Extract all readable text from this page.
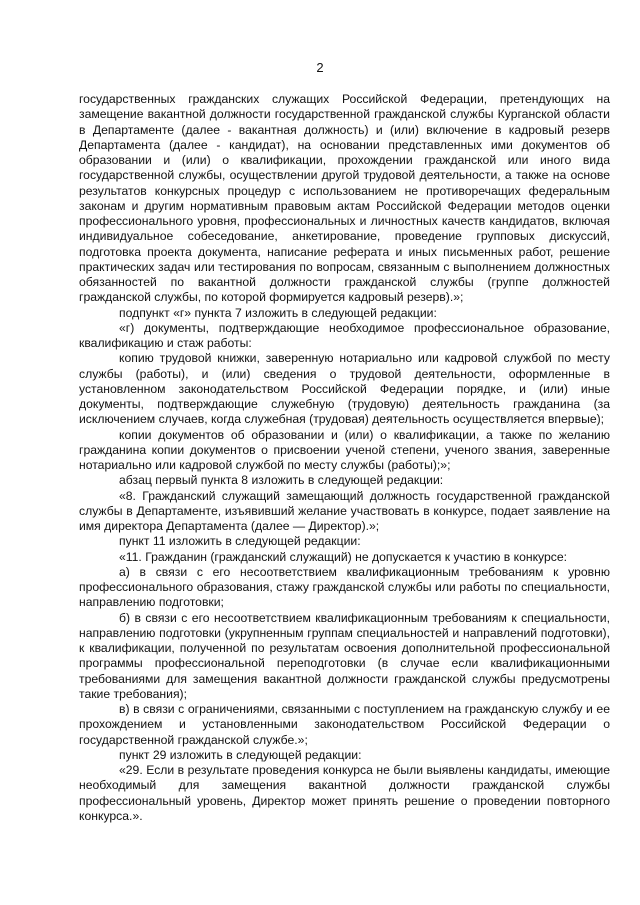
2

государственных гражданских служащих Российской Федерации, претендующих на замещение вакантной должности государственной гражданской службы Курганской области в Департаменте (далее - вакантная должность) и (или) включение в кадровый резерв Департамента (далее - кандидат), на основании представленных ими документов об образовании и (или) о квалификации, прохождении гражданской или иного вида государственной службы, осуществлении другой трудовой деятельности, а также на основе результатов конкурсных процедур с использованием не противоречащих федеральным законам и другим нормативным правовым актам Российской Федерации методов оценки профессионального уровня, профессиональных и личностных качеств кандидатов, включая индивидуальное собеседование, анкетирование, проведение групповых дискуссий, подготовка проекта документа, написание реферата и иных письменных работ, решение практических задач или тестирования по вопросам, связанным с выполнением должностных обязанностей по вакантной должности гражданской службы (группе должностей гражданской службы, по которой формируется кадровый резерв).»;

подпункт «г» пункта 7 изложить в следующей редакции:

«г) документы, подтверждающие необходимое профессиональное образование, квалификацию и стаж работы:

копию трудовой книжки, заверенную нотариально или кадровой службой по месту службы (работы), и (или) сведения о трудовой деятельности, оформленные в установленном законодательством Российской Федерации порядке, и (или) иные документы, подтверждающие служебную (трудовую) деятельность гражданина (за исключением случаев, когда служебная (трудовая) деятельность осуществляется впервые);

копии документов об образовании и (или) о квалификации, а также по желанию гражданина копии документов о присвоении ученой степени, ученого звания, заверенные нотариально или кадровой службой по месту службы (работы);»;

абзац первый пункта 8 изложить в следующей редакции:

«8. Гражданский служащий замещающий должность государственной гражданской службы в Департаменте, изъявивший желание участвовать в конкурсе, подает заявление на имя директора Департамента (далее — Директор).»;

пункт 11 изложить в следующей редакции:

«11. Гражданин (гражданский служащий) не допускается к участию в конкурсе:

а) в связи с его несоответствием квалификационным требованиям к уровню профессионального образования, стажу гражданской службы или работы по специальности, направлению подготовки;

б) в связи с его несоответствием квалификационным требованиям к специальности, направлению подготовки (укрупненным группам специальностей и направлений подготовки), к квалификации, полученной по результатам освоения дополнительной профессиональной программы профессиональной переподготовки (в случае если квалификационными требованиями для замещения вакантной должности гражданской службы предусмотрены такие требования);

в) в связи с ограничениями, связанными с поступлением на гражданскую службу и ее прохождением и установленными законодательством Российской Федерации о государственной гражданской службе.»;

пункт 29 изложить в следующей редакции:

«29. Если в результате проведения конкурса не были выявлены кандидаты, имеющие необходимый для замещения вакантной должности гражданской службы профессиональный уровень, Директор может принять решение о проведении повторного конкурса.».
